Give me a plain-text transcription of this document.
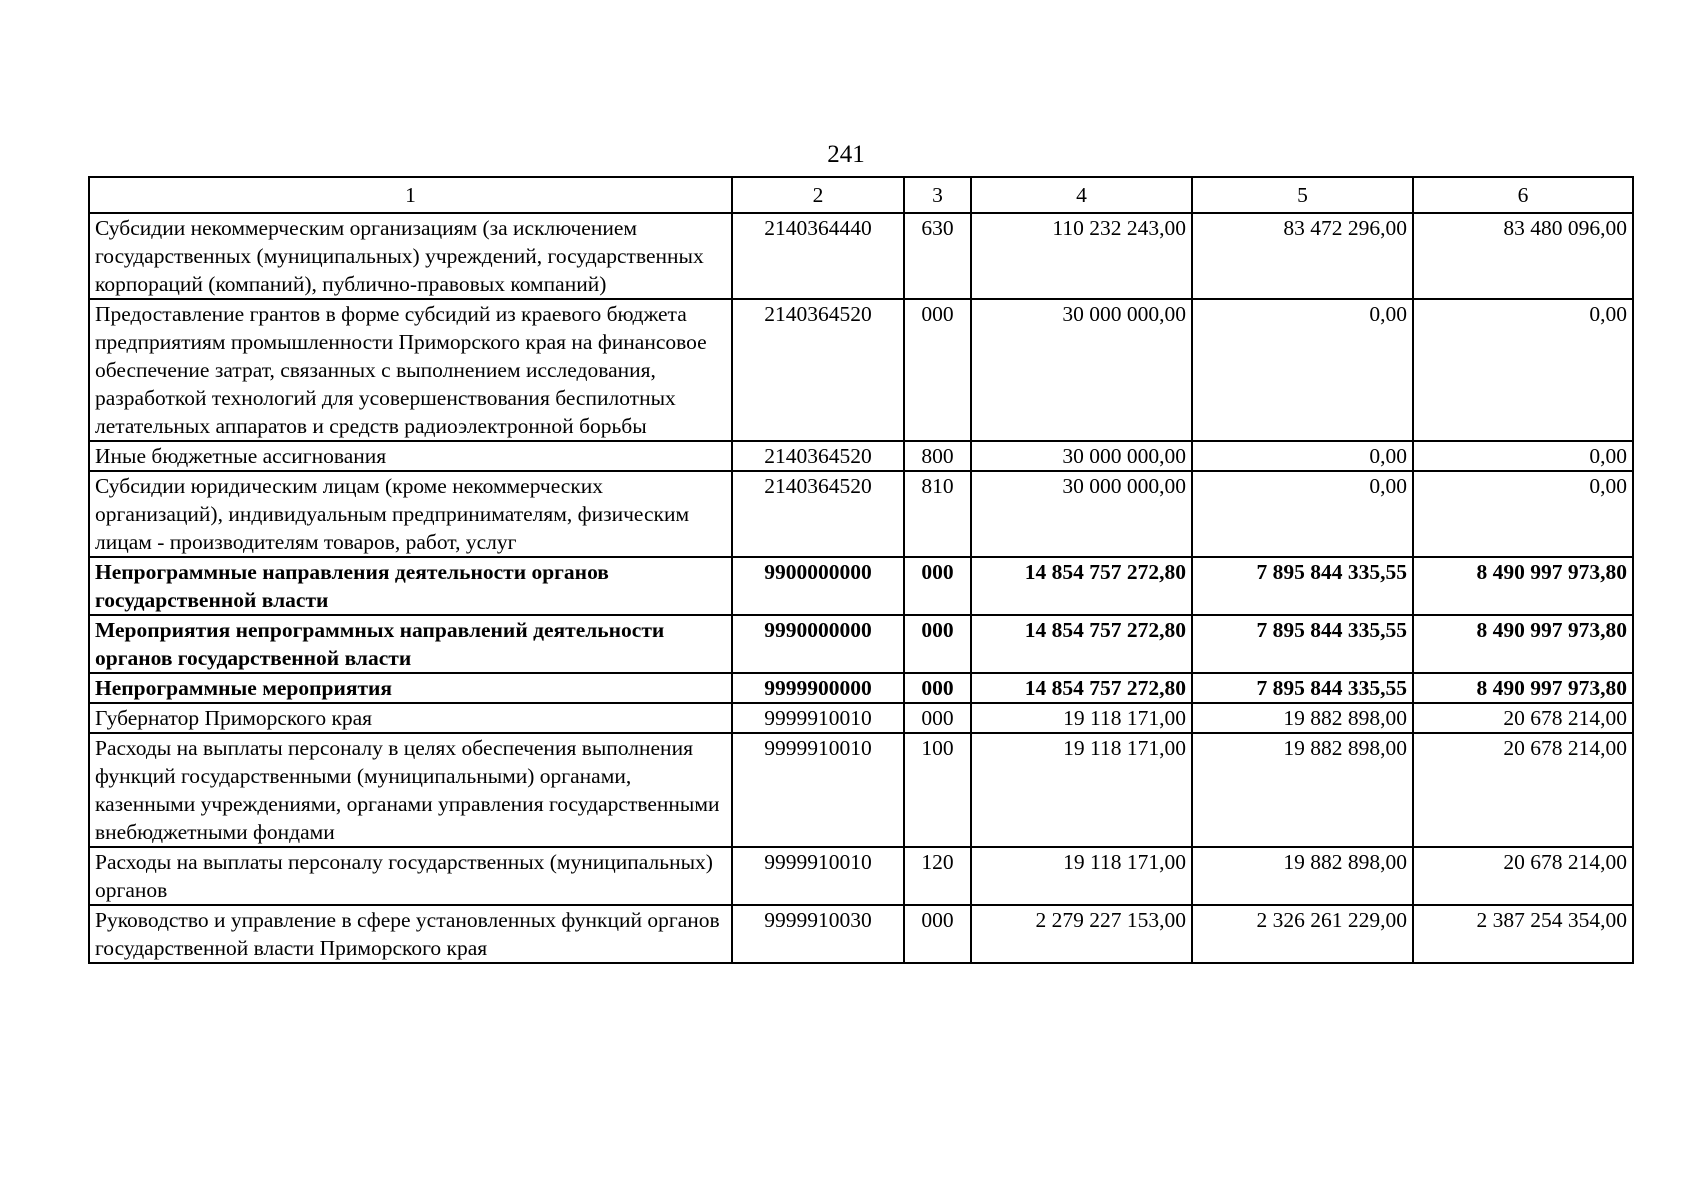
241
1	2	3	4	5	6
Субсидии некоммерческим организациям (за исключением государственных (муниципальных) учреждений, государственных корпораций (компаний), публично-правовых компаний)	2140364440	630	110 232 243,00	83 472 296,00	83 480 096,00
Предоставление грантов в форме субсидий из краевого бюджета предприятиям промышленности Приморского края на финансовое обеспечение затрат, связанных с выполнением исследования, разработкой технологий для усовершенствования беспилотных летательных аппаратов и средств радиоэлектронной борьбы	2140364520	000	30 000 000,00	0,00	0,00
Иные бюджетные ассигнования	2140364520	800	30 000 000,00	0,00	0,00
Субсидии юридическим лицам (кроме некоммерческих организаций), индивидуальным предпринимателям, физическим лицам - производителям товаров, работ, услуг	2140364520	810	30 000 000,00	0,00	0,00
Непрограммные направления деятельности органов государственной власти	9900000000	000	14 854 757 272,80	7 895 844 335,55	8 490 997 973,80
Мероприятия непрограммных направлений деятельности органов государственной власти	9990000000	000	14 854 757 272,80	7 895 844 335,55	8 490 997 973,80
Непрограммные мероприятия	9999900000	000	14 854 757 272,80	7 895 844 335,55	8 490 997 973,80
Губернатор Приморского края	9999910010	000	19 118 171,00	19 882 898,00	20 678 214,00
Расходы на выплаты персоналу в целях обеспечения выполнения функций государственными (муниципальными) органами, казенными учреждениями, органами управления государственными внебюджетными фондами	9999910010	100	19 118 171,00	19 882 898,00	20 678 214,00
Расходы на выплаты персоналу государственных (муниципальных) органов	9999910010	120	19 118 171,00	19 882 898,00	20 678 214,00
Руководство и управление в сфере установленных функций органов государственной власти Приморского края	9999910030	000	2 279 227 153,00	2 326 261 229,00	2 387 254 354,00
